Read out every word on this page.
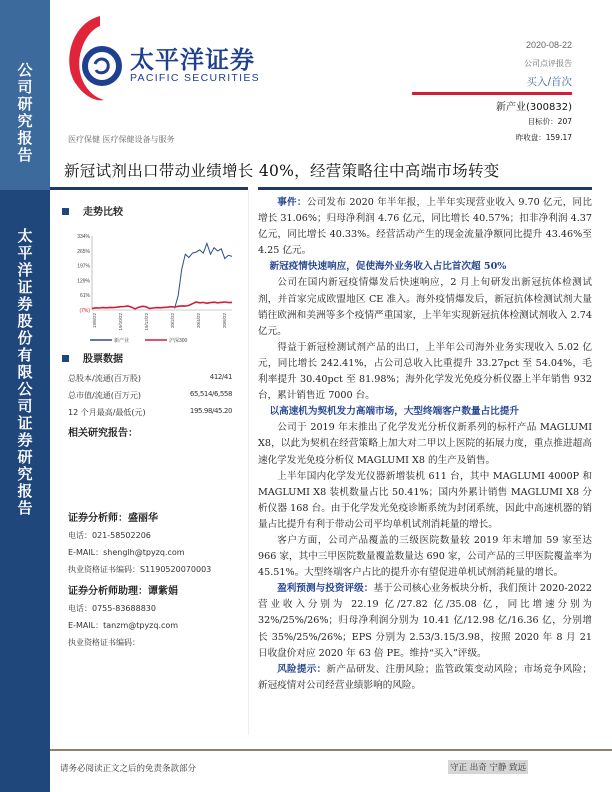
公
司
研
究
报
告
太
平
洋
证
券
股
份
有
限
公
司
证
券
研
究
报
告
太平洋证券
PACIFIC SECURITIES
2020-08-22
公司点评报告
买入/首次
新产业(300832)
目标价：207
昨收盘：159.17
医疗保健 医疗保健设备与服务
新冠试剂出口带动业绩增长 40%，经营策略往中高端市场转变
走势比较
334%
265%
197%
129%
61%
(7%)
19/8/22	19/10/22	19/12/22	20/2/22	20/4/22	20/6/22
新产业	沪深300
股票数据
总股本/流通(百万股)	412/41
总市值/流通(百万元)	65,514/6,558
12 个月最高/最低(元)	195.98/45.20
相关研究报告：
证券分析师：盛丽华
电话：021-58502206
E-MAIL：shenglh@tpyzq.com
执业资格证书编码：S1190520070003
证券分析师助理：谭紫娟
电话：0755-83688830
E-MAIL：tanzm@tpyzq.com
执业资格证书编码：

事件：公司发布 2020 年半年报，上半年实现营业收入 9.70 亿元，同比增长 31.06%；归母净利润 4.76 亿元，同比增长 40.57%；扣非净利润 4.37 亿元，同比增长 40.33%。经营活动产生的现金流量净额同比提升 43.46%至 4.25 亿元。

新冠疫情快速响应，促使海外业务收入占比首次超 50%

公司在国内新冠疫情爆发后快速响应，2 月上旬研发出新冠抗体检测试剂，并首家完成欧盟地区 CE 准入。海外疫情爆发后，新冠抗体检测试剂大量销往欧洲和美洲等多个疫情严重国家，上半年实现新冠抗体检测试剂收入 2.74 亿元。

得益于新冠检测试剂产品的出口，上半年公司海外业务实现收入 5.02 亿元，同比增长 242.41%，占公司总收入比重提升 33.27pct 至 54.04%，毛利率提升 30.40pct 至 81.98%；海外化学发光免疫分析仪器上半年销售 932 台，累计销售近 7000 台。

以高速机为契机发力高端市场，大型终端客户数量占比提升

公司于 2019 年末推出了化学发光分析仪新系列的标杆产品 MAGLUMI X8，以此为契机在经营策略上加大对二甲以上医院的拓展力度，重点推进超高速化学发光免疫分析仪 MAGLUMI X8 的生产及销售。

上半年国内化学发光仪器新增装机 611 台，其中 MAGLUMI 4000P 和 MAGLUMI X8 装机数量占比 50.41%；国内外累计销售 MAGLUMI X8 分析仪器 168 台。由于化学发光免疫诊断系统为封闭系统，因此中高速机器的销量占比提升有利于带动公司平均单机试剂消耗量的增长。

客户方面，公司产品覆盖的三级医院数量较 2019 年末增加 59 家至达 966 家，其中三甲医院数量覆盖数量达 690 家，公司产品的三甲医院覆盖率为 45.51%。大型终端客户占比的提升亦有望促进单机试剂消耗量的增长。

盈利预测与投资评级：基于公司核心业务板块分析，我们预计 2020-2022 营业收入分别为 22.19 亿/27.82 亿/35.08 亿，同比增速分别为 32%/25%/26%；归母净利润分别为 10.41 亿/12.98 亿/16.36 亿，分别增长 35%/25%/26%；EPS 分别为 2.53/3.15/3.98，按照 2020 年 8 月 21 日收盘价对应 2020 年 63 倍 PE。维持“买入”评级。

风险提示：新产品研发、注册风险；监管政策变动风险；市场竞争风险；新冠疫情对公司经营业绩影响的风险。

请务必阅读正文之后的免责条款部分	守正 出奇 宁静 致远
